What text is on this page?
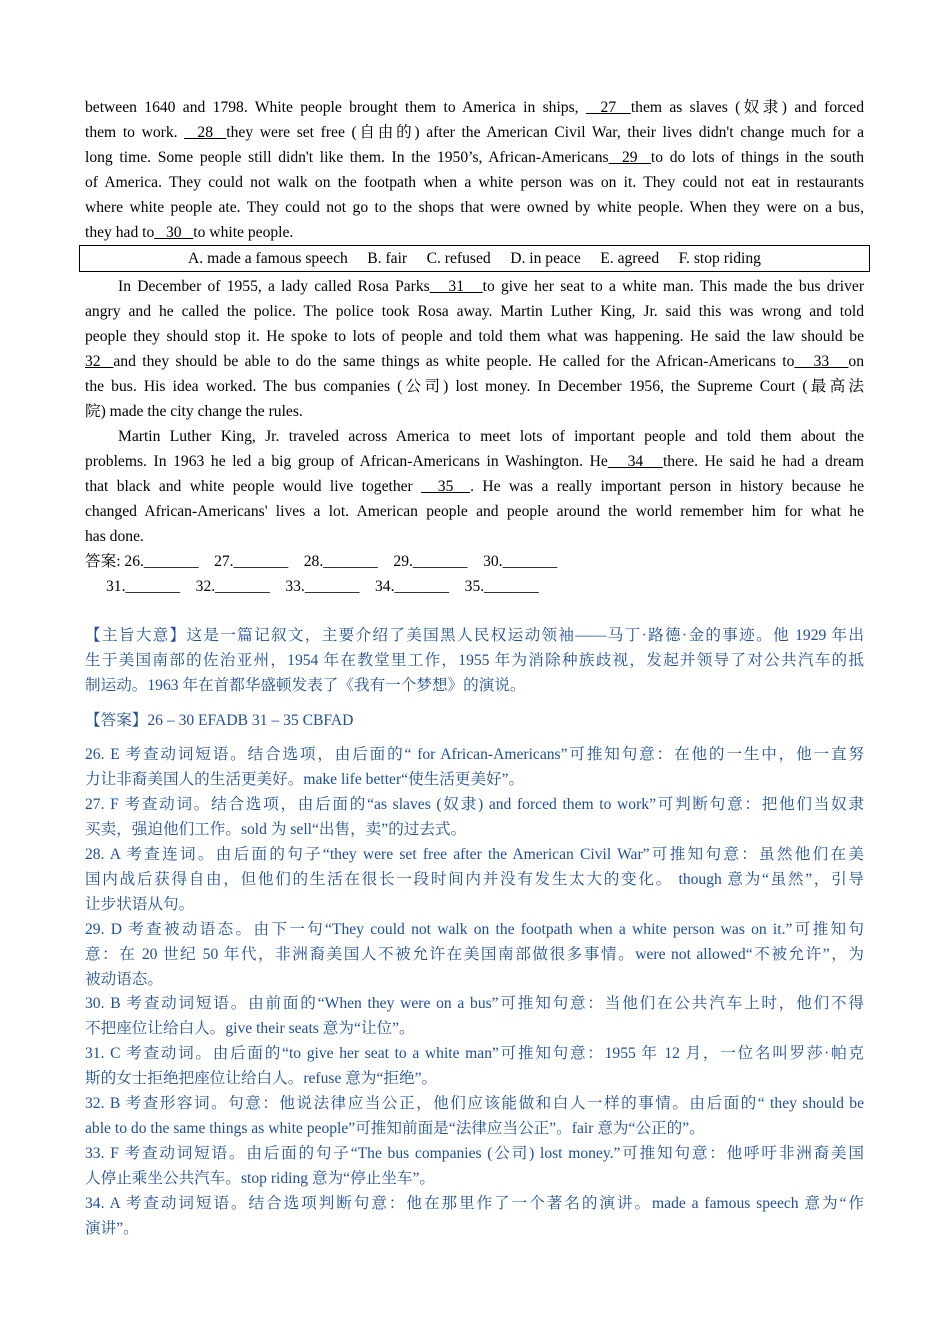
between 1640 and 1798. White people brought them to America in ships,   27  them as slaves (奴隶) and forced
them to work.   28  they were set free (自由的) after the American Civil War, their lives didn't change much for a
long time. Some people still didn't like them. In the 1950’s, African-Americans  29  to do lots of things in the south
of America. They could not walk on the footpath when a white person was on it. They could not eat in restaurants
where white people ate. They could not go to the shops that were owned by white people. When they were on a bus,
they had to   30   to white people.
A. made a famous speech     B. fair     C. refused     D. in peace     E. agreed     F. stop riding
In December of 1955, a lady called Rosa Parks   31   to give her seat to a white man. This made the bus driver
angry and he called the police. The police took Rosa away. Martin Luther King, Jr. said this was wrong and told
people they should stop it. He spoke to lots of people and told them what was happening. He said the law should be
32  and they should be able to do the same things as white people. He called for the African-Americans to   33   on
the bus. His idea worked. The bus companies (公司) lost money. In December 1956, the Supreme Court (最高法
院) made the city change the rules.
Martin Luther King, Jr. traveled across America to meet lots of important people and told them about the
problems. In 1963 he led a big group of African-Americans in Washington. He   34   there. He said he had a dream
that black and white people would live together   35  . He was a really important person in history because he
changed African-Americans' lives a lot. American people and people around the world remember him for what he
has done.
答案: 26._______    27._______    28._______    29._______    30._______
31._______    32._______    33._______    34._______    35._______
【主旨大意】这是一篇记叙文，主要介绍了美国黑人民权运动领袖——马丁·路德·金的事迹。他 1929 年出
生于美国南部的佐治亚州，1954 年在教堂里工作，1955 年为消除种族歧视，发起并领导了对公共汽车的抵
制运动。1963 年在首都华盛顿发表了《我有一个梦想》的演说。
【答案】26 – 30 EFADB 31 – 35 CBFAD
26. E 考查动词短语。结合选项，由后面的“ for African-Americans”可推知句意：在他的一生中，他一直努
力让非裔美国人的生活更美好。make life better“使生活更美好”。
27. F 考查动词。结合选项，由后面的“as slaves (奴隶) and forced them to work”可判断句意：把他们当奴隶
买卖，强迫他们工作。sold 为 sell“出售，卖”的过去式。
28. A 考查连词。由后面的句子“they were set free after the American Civil War”可推知句意：虽然他们在美
国内战后获得自由，但他们的生活在很长一段时间内并没有发生太大的变化。 though 意为“虽然”，引导
让步状语从句。
29. D 考查被动语态。由下一句“They could not walk on the footpath when a white person was on it.”可推知句
意：在 20 世纪 50 年代，非洲裔美国人不被允许在美国南部做很多事情。were not allowed“不被允许”，为
被动语态。
30. B 考查动词短语。由前面的“When they were on a bus”可推知句意：当他们在公共汽车上时，他们不得
不把座位让给白人。give their seats 意为“让位”。
31. C 考查动词。由后面的“to give her seat to a white man”可推知句意：1955 年 12 月，一位名叫罗莎·帕克
斯的女士拒绝把座位让给白人。refuse 意为“拒绝”。
32. B 考查形容词。句意：他说法律应当公正，他们应该能做和白人一样的事情。由后面的“ they should be
able to do the same things as white people”可推知前面是“法律应当公正”。fair 意为“公正的”。
33. F 考查动词短语。由后面的句子“The bus companies (公司) lost money.”可推知句意：他呼吁非洲裔美国
人停止乘坐公共汽车。stop riding 意为“停止坐车”。
34. A 考查动词短语。结合选项判断句意：他在那里作了一个著名的演讲。made a famous speech 意为“作
演讲”。
